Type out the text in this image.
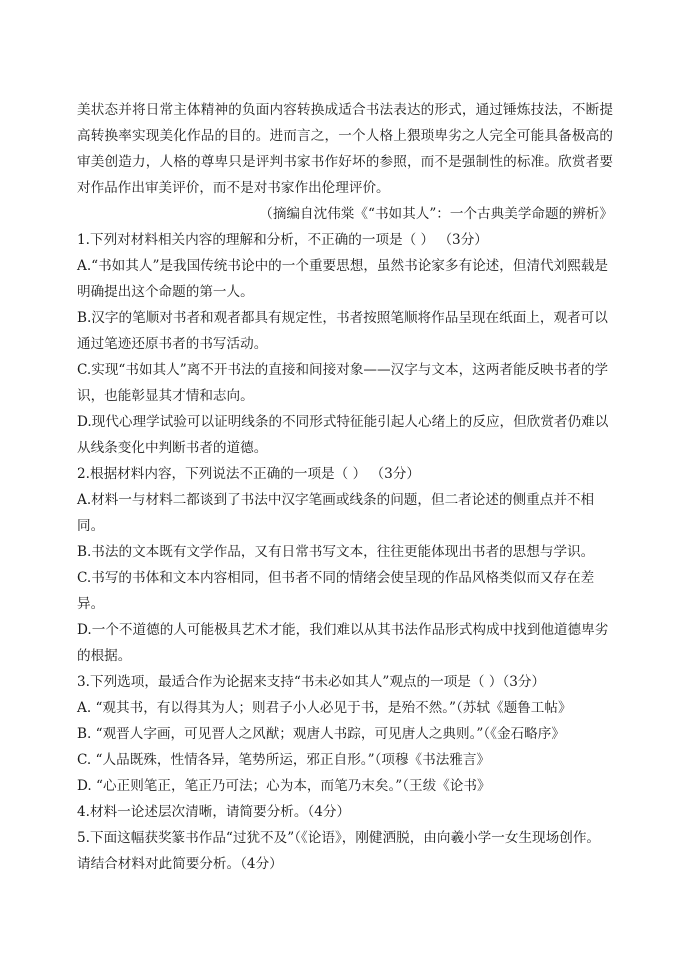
美状态并将日常主体精神的负面内容转换成适合书法表达的形式，通过锤炼技法，不断提高转换率实现美化作品的目的。进而言之，一个人格上猥琐卑劣之人完全可能具备极高的审美创造力，人格的尊卑只是评判书家书作好坏的参照，而不是强制性的标准。欣赏者要对作品作出审美评价，而不是对书家作出伦理评价。

（摘编自沈伟棠《“书如其人”：一个古典美学命题的辨析》

1.下列对材料相关内容的理解和分析，不正确的一项是（ ） （3分）

A.“书如其人”是我国传统书论中的一个重要思想，虽然书论家多有论述，但清代刘熙载是明确提出这个命题的第一人。

B.汉字的笔顺对书者和观者都具有规定性，书者按照笔顺将作品呈现在纸面上，观者可以通过笔迹还原书者的书写活动。

C.实现“书如其人”离不开书法的直接和间接对象——汉字与文本，这两者能反映书者的学识，也能彰显其才情和志向。

D.现代心理学试验可以证明线条的不同形式特征能引起人心绪上的反应，但欣赏者仍难以从线条变化中判断书者的道德。

2.根据材料内容，下列说法不正确的一项是（ ） （3分）

A.材料一与材料二都谈到了书法中汉字笔画或线条的问题，但二者论述的侧重点并不相同。

B.书法的文本既有文学作品，又有日常书写文本，往往更能体现出书者的思想与学识。

C.书写的书体和文本内容相同，但书者不同的情绪会使呈现的作品风格类似而又存在差异。

D.一个不道德的人可能极具艺术才能，我们难以从其书法作品形式构成中找到他道德卑劣的根据。

3.下列选项，最适合作为论据来支持“书未必如其人”观点的一项是（ ）（3分）

A. “观其书，有以得其为人；则君子小人必见于书，是殆不然。”（苏轼《题鲁工帖》

B. “观晋人字画，可见晋人之风猷；观唐人书踪，可见唐人之典则。”（《金石略序》

C. “人品既殊，性情各异，笔势所运，邪正自形。”（项穆《书法雅言》

D. “心正则笔正，笔正乃可法；心为本，而笔乃末矣。”（王绂《论书》

4.材料一论述层次清晰，请简要分析。（4分）

5.下面这幅获奖篆书作品“过犹不及”（《论语》，刚健洒脱，由向羲小学一女生现场创作。请结合材料对此简要分析。（4分）
